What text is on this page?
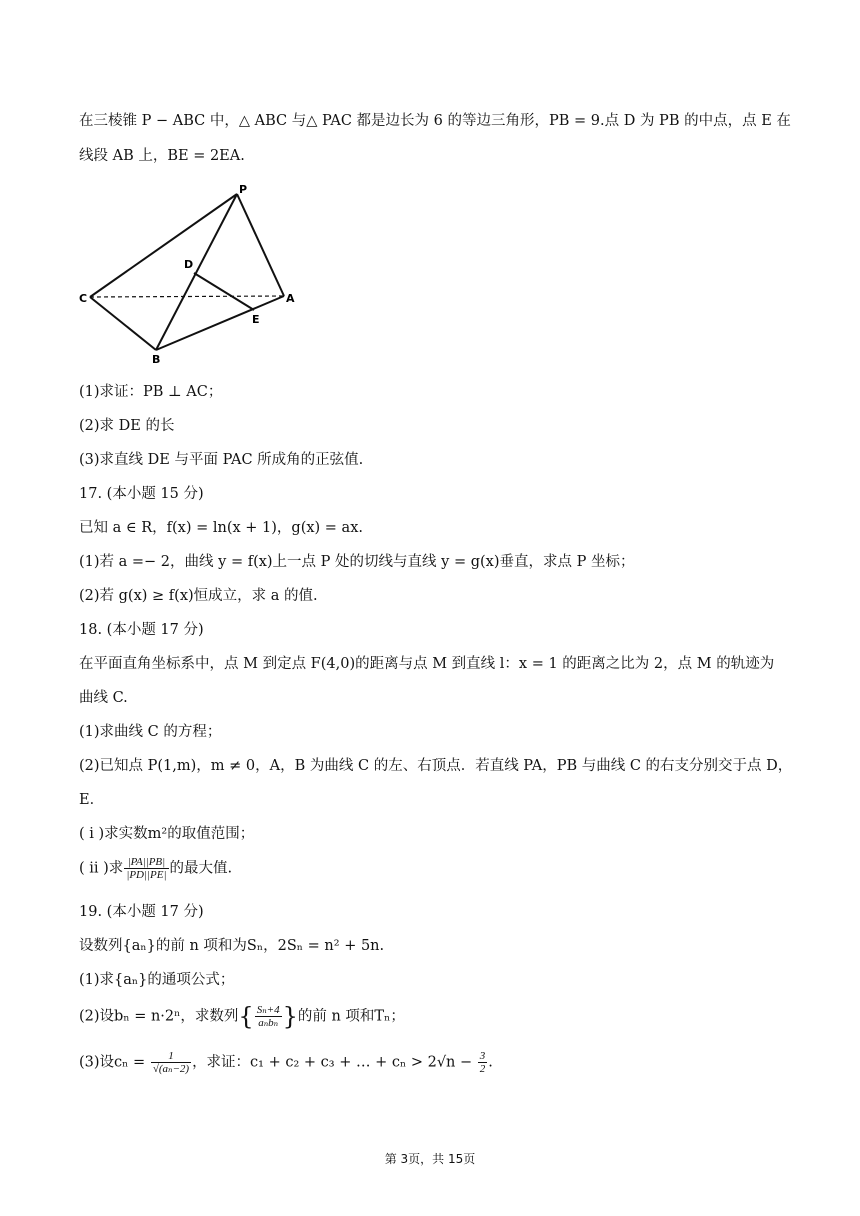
在三棱锥 P − ABC 中，△ ABC 与△ PAC 都是边长为 6 的等边三角形，PB = 9.点 D 为 PB 的中点，点 E 在
线段 AB 上，BE = 2EA.
P
D
C	A
E
B
(1)求证：PB ⊥ AC；
(2)求 DE 的长
(3)求直线 DE 与平面 PAC 所成角的正弦值.
17. (本小题 15 分)
已知 a ∈ R，f(x) = ln(x + 1)，g(x) = ax.
(1)若 a =− 2，曲线 y = f(x)上一点 P 处的切线与直线 y = g(x)垂直，求点 P 坐标；
(2)若 g(x) ≥ f(x)恒成立，求 a 的值.
18. (本小题 17 分)
在平面直角坐标系中，点 M 到定点 F(4,0)的距离与点 M 到直线 l：x = 1 的距离之比为 2，点 M 的轨迹为
曲线 C.
(1)求曲线 C 的方程；
(2)已知点 P(1,m)，m ≠ 0，A，B 为曲线 C 的左、右顶点．若直线 PA，PB 与曲线 C 的右支分别交于点 D，
E．
( ⅰ )求实数m²的取值范围；
( ⅱ )求 $\frac{|PA||PB|}{|PD||PE|}$ 的最大值.
19. (本小题 17 分)
设数列{aₙ}的前 n 项和为Sₙ，2Sₙ = n² + 5n.
(1)求{aₙ}的通项公式；
(2)设bₙ = n·2ⁿ，求数列{ $\frac{\text{Sₙ+4}}{\text{aₙbₙ}}$ }的前 n 项和Tₙ；
(3)设$c_n = \frac{1}{\text{√(aₙ−2)}}$ ，求证：c₁ + c₂ + c₃ + … + $c_n > 2√n - \frac{3}{2}$ .
第 3页，共 15页
